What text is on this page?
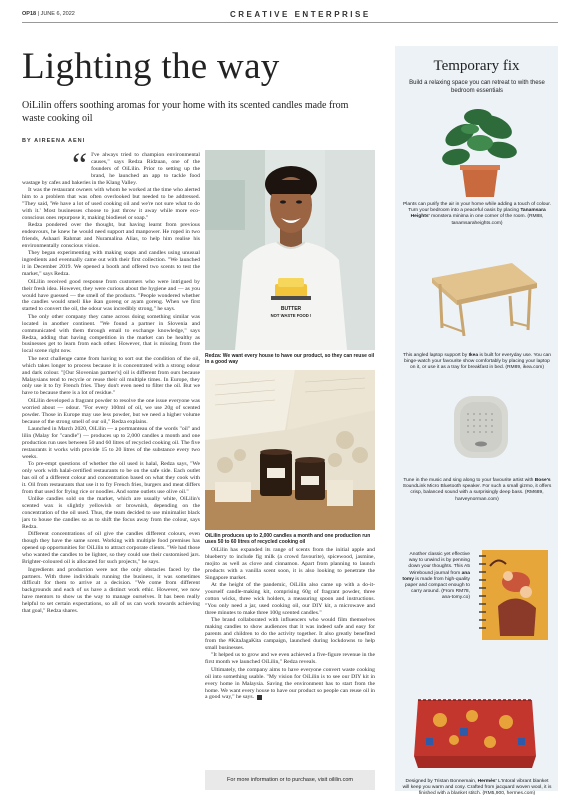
OP18 | JUNE 6, 2022	CREATIVE ENTERPRISE
Lighting the way
OiLilin offers soothing aromas for your home with its scented candles made from waste cooking oil
BY AIREENA AENI
“ I've always tried to champion environmental causes," says Redza Ridzuan, one of the founders of OiLilin. Prior to setting up the brand, he launched an app to tackle food wastage by cafes and bakeries in the Klang Valley.

It was the restaurant owners with whom he worked at the time who alerted him to a problem that was often overlooked but needed to be addressed. "They said, 'We have a lot of used cooking oil and we're not sure what to do with it.' Most businesses choose to just throw it away while more eco-conscious ones repurpose it, making biodiesel or soap."

Redza pondered over the thought, but having learnt from previous endeavours, he knew he would need support and manpower. He roped in two friends, Ashaari Rahmat and Nuramalina Alias, to help him realise his environmentally conscious vision.

They began experimenting with making soaps and candles using unusual ingredients and eventually came out with their first collection. "We launched it in December 2019. We opened a booth and offered two scents to test the market," says Redza.

OiLilin received good response from customers who were intrigued by their fresh idea. However, they were curious about the hygiene and — as you would have guessed — the smell of the products. "People wondered whether the candles would smell like ikan goreng or ayam goreng. When we first started to convert the oil, the odour was incredibly strong," he says.

The only other company they came across doing something similar was located in another continent. "We found a partner in Slovenia and communicated with them through email to exchange knowledge," says Redza, adding that having competition in the market can be healthy as businesses get to learn from each other. However, that is missing from the local scene right now.

The next challenge came from having to sort out the condition of the oil, which takes longer to process because it is concentrated with a strong odour and dark colour. "[Our Slovenian partner's] oil is different from ours because Malaysians tend to recycle or reuse their oil multiple times. In Europe, they only use it to fry French fries. They don't even need to filter the oil. But we have to because there is a lot of residue."

OiLilin developed a fragrant powder to resolve the one issue everyone was worried about — odour. "For every 100ml of oil, we use 20g of scented powder. Those in Europe may use less powder, but we need a higher volume because of the strong smell of our oil," Redza explains.

Launched in March 2020, OiLilin — a portmanteau of the words "oil" and lilin (Malay for "candle") — produces up to 2,000 candles a month and one production run uses between 50 and 60 litres of recycled cooking oil. The five restaurants it works with provide 15 to 20 litres of the substance every two weeks.

To pre-empt questions of whether the oil used is halal, Redza says, "We only work with halal-certified restaurants to be on the safe side. Each outlet has oil of a different colour and concentration based on what they cook with it. Oil from restaurants that use it to fry French fries, burgers and meat differs from that used for frying rice or noodles. And some outlets use olive oil."

Unlike candles sold on the market, which are usually white, OiLilin's scented wax is slightly yellowish or brownish, depending on the concentration of the oil used. Thus, the team decided to use minimalist black jars to house the candles so as to shift the focus away from the colour, says Redza.

Different concentrations of oil give the candles different colours, even though they have the same scent. Working with multiple food premises has opened up opportunities for OiLilin to attract corporate clients. "We had those who wanted the candles to be lighter, so they could use their customised jars. Brighter-coloured oil is allocated for such projects," he says.

Ingredients and production were not the only obstacles faced by the partners. With three individuals running the business, it was sometimes difficult for them to arrive at a decision. "We come from different backgrounds and each of us have a distinct work ethic. However, we now have mentors to show us the way to manage ourselves. It has been really helpful to set certain expectations, so all of us can work towards achieving that goal," Redza shares.

BUTTER
NOT WASTE FOOD !
Redza: We want every house to have our product, so they can reuse oil in a good way
OiLilin produces up to 2,000 candles a month and one production run uses 50 to 60 litres of recycled cooking oil

OiLilin has expanded its range of scents from the initial apple and blueberry to include fig milk (a crowd favourite), spicewood, jasmine, mojito as well as clove and cinnamon. Apart from planning to launch products with a vanilla scent soon, it is also looking to penetrate the Singapore market.

At the height of the pandemic, OiLilin also came up with a do-it-yourself candle-making kit, comprising 60g of fragrant powder, three cotton wicks, three wick holders, a measuring spoon and instructions. "You only need a jar, used cooking oil, our DIY kit, a microwave and three minutes to make three 100g scented candles."

The brand collaborated with influencers who would film themselves making candles to show audiences that it was indeed safe and easy for parents and children to do the activity together. It also greatly benefited from the #KitaJagaKita campaign, launched during lockdowns to help small businesses.

"It helped us to grow and we even achieved a five-figure revenue in the first month we launched OiLilin," Redza reveals.

Ultimately, the company aims to have everyone convert waste cooking oil into something usable. "My vision for OiLilin is to see our DIY kit in every home in Malaysia. Saving the environment has to start from the home. We want every house to have our product so people can reuse oil in a good way," he says.

For more information or to purchase, visit oililin.com
Temporary fix
Build a relaxing space you can retreat to with these bedroom essentials
Plants can purify the air in your home while adding a touch of colour. Turn your bedroom into a peaceful oasis by placing Tanamsara Heights' monstera minima in one corner of the room. (RM88, tanamsaraheights.com)
This angled laptop support by Ikea is built for everyday use. You can binge-watch your favourite show comfortably by placing your laptop on it, or use it as a tray for breakfast in bed. (RM89, ikea.com)
Tune in the music and sing along to your favourite artist with Bose's SoundLink Micro Bluetooth speaker. For such a small gizmo, it offers crisp, balanced sound with a surprisingly deep bass. (RM689, harveynorman.com)
Another classic yet effective way to unwind is by penning down your thoughts. This A5 Wirebound journal from ana tomy is made from high-quality paper and compact enough to carry around. (From RM78, ana-tomy.co)
Designed by Tristan Bonnemain, Hermès' L'Intoral vibrant blanket will keep you warm and cosy. Crafted from jacquard woven wool, it is finished with a blanket stitch. (RM5,900, hermes.com)
